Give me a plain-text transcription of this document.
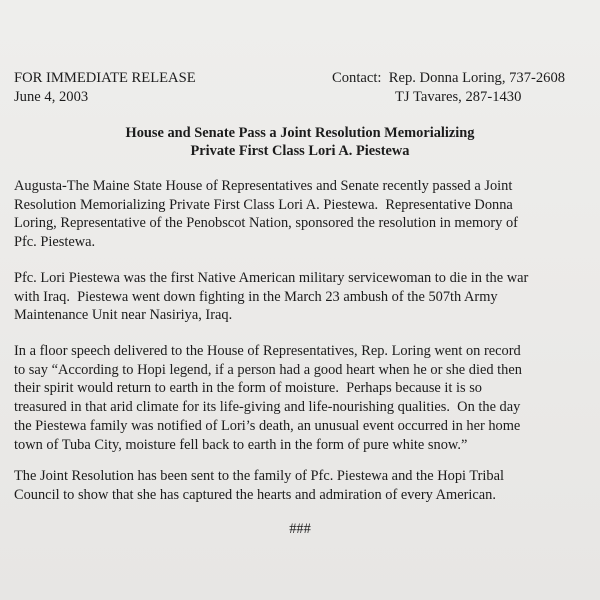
FOR IMMEDIATE RELEASE
June 4, 2003
Contact:  Rep. Donna Loring, 737-2608
TJ Tavares, 287-1430
House and Senate Pass a Joint Resolution Memorializing
Private First Class Lori A. Piestewa

Augusta-The Maine State House of Representatives and Senate recently passed a Joint
Resolution Memorializing Private First Class Lori A. Piestewa.  Representative Donna
Loring, Representative of the Penobscot Nation, sponsored the resolution in memory of
Pfc. Piestewa.

Pfc. Lori Piestewa was the first Native American military servicewoman to die in the war
with Iraq.  Piestewa went down fighting in the March 23 ambush of the 507th Army
Maintenance Unit near Nasiriya, Iraq.

In a floor speech delivered to the House of Representatives, Rep. Loring went on record
to say “According to Hopi legend, if a person had a good heart when he or she died then
their spirit would return to earth in the form of moisture.  Perhaps because it is so
treasured in that arid climate for its life-giving and life-nourishing qualities.  On the day
the Piestewa family was notified of Lori’s death, an unusual event occurred in her home
town of Tuba City, moisture fell back to earth in the form of pure white snow.”

The Joint Resolution has been sent to the family of Pfc. Piestewa and the Hopi Tribal
Council to show that she has captured the hearts and admiration of every American.

###
